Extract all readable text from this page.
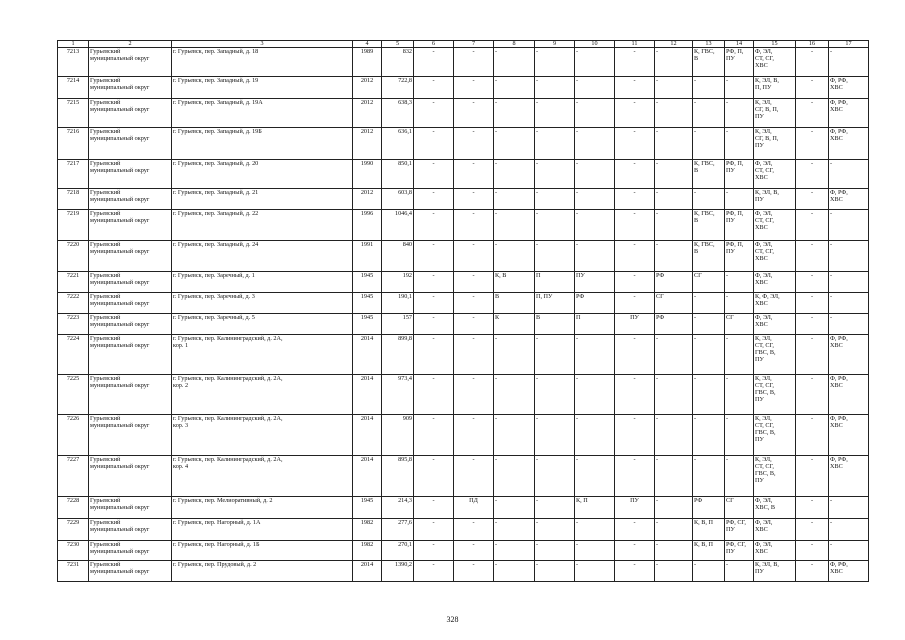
1	2	3	4	5	6	7	8	9	10	11	12	13	14	15	16	17
7213	Гурьевский
муниципальный округ	г. Гурьевск, пер. Западный, д. 18	1989	832	-	-	-	-	-	-	-	К, ГВС,
В	РФ, П,
ПУ	Ф, ЭЛ,
СТ, СГ,
ХВС	-	-
7214	Гурьевский
муниципальный округ	г. Гурьевск, пер. Западный, д. 19	2012	722,8	-	-	-	-	-	-	-	-	-	К, ЭЛ, В,
П, ПУ	-	Ф, РФ,
ХВС
7215	Гурьевский
муниципальный округ	г. Гурьевск, пер. Западный, д. 19А	2012	638,3	-	-	-	-	-	-	-	-	-	К, ЭЛ,
СГ, В, П,
ПУ	-	Ф, РФ,
ХВС
7216	Гурьевский
муниципальный округ	г. Гурьевск, пер. Западный, д. 19Б	2012	636,1	-	-	-	-	-	-	-	-	-	К, ЭЛ,
СГ, В, П,
ПУ	-	Ф, РФ,
ХВС
7217	Гурьевский
муниципальный округ	г. Гурьевск, пер. Западный, д. 20	1990	850,1	-	-	-	-	-	-	-	К, ГВС,
В	РФ, П,
ПУ	Ф, ЭЛ,
СТ, СГ,
ХВС	-	-
7218	Гурьевский
муниципальный округ	г. Гурьевск, пер. Западный, д. 21	2012	603,8	-	-	-	-	-	-	-	-	-	К, ЭЛ, В,
ПУ	-	Ф, РФ,
ХВС
7219	Гурьевский
муниципальный округ	г. Гурьевск, пер. Западный, д. 22	1996	1046,4	-	-	-	-	-	-	-	К, ГВС,
В	РФ, П,
ПУ	Ф, ЭЛ,
СТ, СГ,
ХВС	-	-
7220	Гурьевский
муниципальный округ	г. Гурьевск, пер. Западный, д. 24	1991	840	-	-	-	-	-	-	-	К, ГВС,
В	РФ, П,
ПУ	Ф, ЭЛ,
СТ, СГ,
ХВС	-	-
7221	Гурьевский
муниципальный округ	г. Гурьевск, пер. Заречный, д. 1	1945	192	-	-	К, В	П	ПУ	-	РФ	СГ	-	Ф, ЭЛ,
ХВС	-	-
7222	Гурьевский
муниципальный округ	г. Гурьевск, пер. Заречный, д. 3	1945	190,1	-	-	В	П, ПУ	РФ	-	СГ	-	-	К, Ф, ЭЛ,
ХВС	-	-
7223	Гурьевский
муниципальный округ	г. Гурьевск, пер. Заречный, д. 5	1945	157	-	-	К	В	П	ПУ	РФ	-	СГ	Ф, ЭЛ,
ХВС	-	-
7224	Гурьевский
муниципальный округ	г. Гурьевск, пер. Калининградский, д. 2А,
кор. 1	2014	899,8	-	-	-	-	-	-	-	-	-	К, ЭЛ,
СТ, СГ,
ГВС, В,
ПУ	-	Ф, РФ,
ХВС
7225	Гурьевский
муниципальный округ	г. Гурьевск, пер. Калининградский, д. 2А,
кор. 2	2014	973,4	-	-	-	-	-	-	-	-	-	К, ЭЛ,
СТ, СГ,
ГВС, В,
ПУ	-	Ф, РФ,
ХВС
7226	Гурьевский
муниципальный округ	г. Гурьевск, пер. Калининградский, д. 2А,
кор. 3	2014	909	-	-	-	-	-	-	-	-	-	К, ЭЛ,
СТ, СГ,
ГВС, В,
ПУ	-	Ф, РФ,
ХВС
7227	Гурьевский
муниципальный округ	г. Гурьевск, пер. Калининградский, д. 2А,
кор. 4	2014	895,8	-	-	-	-	-	-	-	-	-	К, ЭЛ,
СТ, СГ,
ГВС, В,
ПУ	-	Ф, РФ,
ХВС
7228	Гурьевский
муниципальный округ	г. Гурьевск, пер. Мелиоративный, д. 2	1945	214,3	-	ПД	-	-	К, П	ПУ	-	РФ	СГ	Ф, ЭЛ,
ХВС, В	-	-
7229	Гурьевский
муниципальный округ	г. Гурьевск, пер. Нагорный, д. 1А	1982	277,6	-	-	-	-	-	-	-	К, В, П	РФ, СГ,
ПУ	Ф, ЭЛ,
ХВС	-	-
7230	Гурьевский
муниципальный округ	г. Гурьевск, пер. Нагорный, д. 1Б	1982	270,1	-	-	-	-	-	-	-	К, В, П	РФ, СГ,
ПУ	Ф, ЭЛ,
ХВС	-	-
7231	Гурьевский
муниципальный округ	г. Гурьевск, пер. Прудовый, д. 2	2014	1390,2	-	-	-	-	-	-	-	-	-	К, ЭЛ, В,
ПУ	-	Ф, РФ,
ХВС
328
